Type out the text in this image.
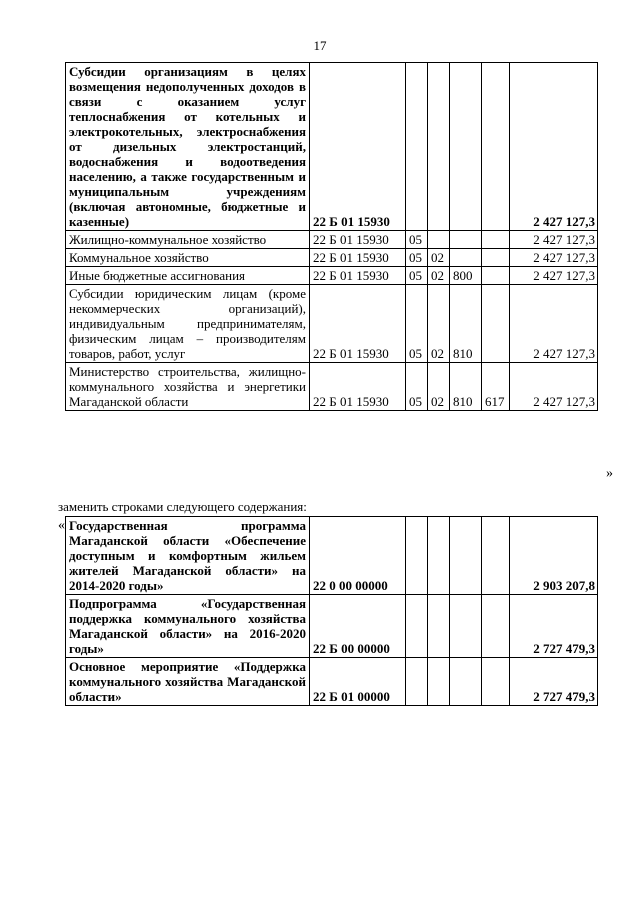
17
Субсидии организациям в целях возмещения недополученных доходов в связи с оказанием услуг теплоснабжения от котельных и электрокотельных, электроснабжения от дизельных электростанций, водоснабжения и водоотведения населению, а также государственным и муниципальным учреждениям (включая автономные, бюджетные и казенные)	22 Б 01 15930					2 427 127,3
Жилищно-коммунальное хозяйство	22 Б 01 15930	05				2 427 127,3
Коммунальное хозяйство	22 Б 01 15930	05	02			2 427 127,3
Иные бюджетные ассигнования	22 Б 01 15930	05	02	800		2 427 127,3
Субсидии юридическим лицам (кроме некоммерческих организаций), индивидуальным предпринимателям, физическим лицам – производителям товаров, работ, услуг	22 Б 01 15930	05	02	810		2 427 127,3
Министерство строительства, жилищно-коммунального хозяйства и энергетики Магаданской области	22 Б 01 15930	05	02	810	617	2 427 127,3
»
заменить строками следующего содержания:
« Государственная программа Магаданской области «Обеспечение доступным и комфортным жильем жителей Магаданской области» на 2014-2020 годы»	22 0 00 00000					2 903 207,8
Подпрограмма «Государственная поддержка коммунального хозяйства Магаданской области» на 2016-2020 годы»	22 Б 00 00000					2 727 479,3
Основное мероприятие «Поддержка коммунального хозяйства Магаданской области»	22 Б 01 00000					2 727 479,3
